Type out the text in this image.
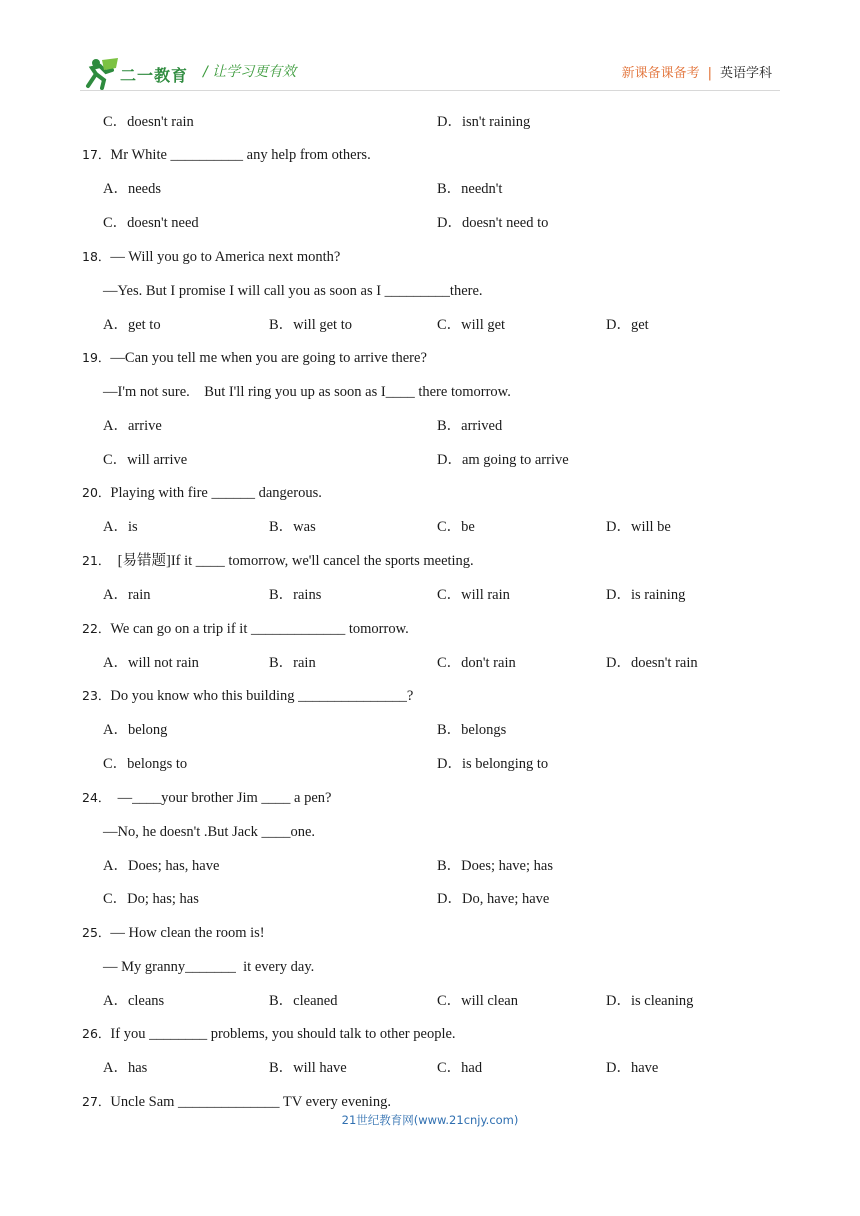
二一教育 / 让学习更有效	新课备课备考 | 英语学科
C．doesn't rain	D．isn't raining
17．Mr White __________ any help from others.
A．needs	B．needn't
C．doesn't need	D．doesn't need to
18．— Will you go to America next month?
—Yes. But I promise I will call you as soon as I _________there.
A．get to	B．will get to	C．will get	D．get
19．—Can you tell me when you are going to arrive there?
—I'm not sure.    But I'll ring you up as soon as I____ there tomorrow.
A．arrive	B．arrived
C．will arrive	D．am going to arrive
20．Playing with fire ______ dangerous.
A．is	B．was	C．be	D．will be
21．  [易错题]If it ____ tomorrow, we'll cancel the sports meeting.
A．rain	B．rains	C．will rain	D．is raining
22．We can go on a trip if it _____________ tomorrow.
A．will not rain	B．rain	C．don't rain	D．doesn't rain
23．Do you know who this building _______________?
A．belong	B．belongs
C．belongs to	D．is belonging to
24．  —____your brother Jim ____ a pen?
—No, he doesn't .But Jack ____one.
A．Does; has, have	B．Does; have; has
C．Do; has; has	D．Do, have; have
25．— How clean the room is!
— My granny_______  it every day.
A．cleans	B．cleaned	C．will clean	D．is cleaning
26．If you ________ problems, you should talk to other people.
A．has	B．will have	C．had	D．have
27．Uncle Sam ______________ TV every evening.
21世纪教育网(www.21cnjy.com)
